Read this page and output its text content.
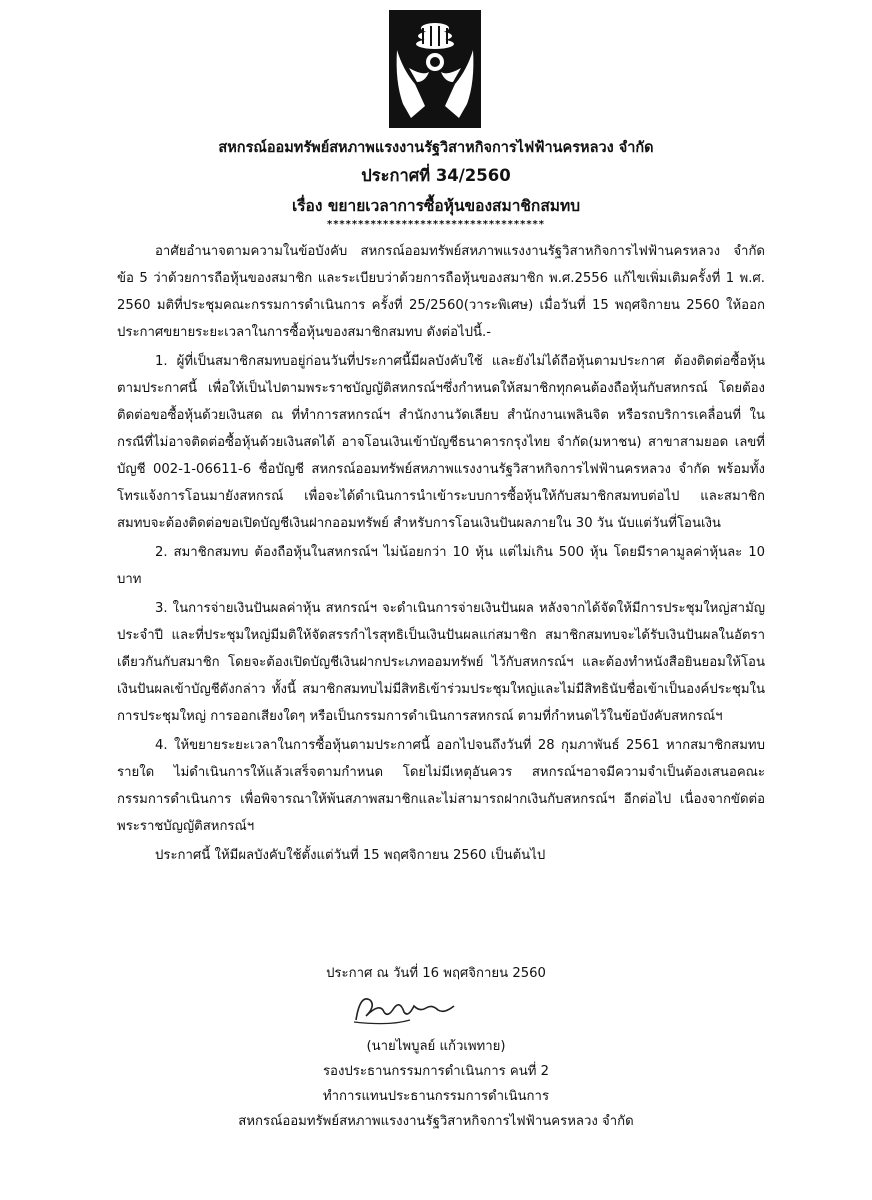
สหกรณ์ออมทรัพย์สหภาพแรงงานรัฐวิสาหกิจการไฟฟ้านครหลวง จำกัด
ประกาศที่ 34/2560
เรื่อง ขยายเวลาการซื้อหุ้นของสมาชิกสมทบ
***********************************

อาศัยอำนาจตามความในข้อบังคับ สหกรณ์ออมทรัพย์สหภาพแรงงานรัฐวิสาหกิจการไฟฟ้านครหลวง จำกัด ข้อ 5 ว่าด้วยการถือหุ้นของสมาชิก และระเบียบว่าด้วยการถือหุ้นของสมาชิก พ.ศ.2556 แก้ไขเพิ่มเติมครั้งที่ 1 พ.ศ. 2560 มติที่ประชุมคณะกรรมการดำเนินการ ครั้งที่ 25/2560(วาระพิเศษ) เมื่อวันที่ 15 พฤศจิกายน 2560 ให้ออกประกาศขยายระยะเวลาในการซื้อหุ้นของสมาชิกสมทบ ดังต่อไปนี้.-

1. ผู้ที่เป็นสมาชิกสมทบอยู่ก่อนวันที่ประกาศนี้มีผลบังคับใช้ และยังไม่ได้ถือหุ้นตามประกาศ ต้องติดต่อซื้อหุ้นตามประกาศนี้ เพื่อให้เป็นไปตามพระราชบัญญัติสหกรณ์ฯซึ่งกำหนดให้สมาชิกทุกคนต้องถือหุ้นกับสหกรณ์ โดยต้องติดต่อขอซื้อหุ้นด้วยเงินสด ณ ที่ทำการสหกรณ์ฯ สำนักงานวัดเลียบ สำนักงานเพลินจิต หรือรถบริการเคลื่อนที่ ในกรณีที่ไม่อาจติดต่อซื้อหุ้นด้วยเงินสดได้ อาจโอนเงินเข้าบัญชีธนาคารกรุงไทย จำกัด(มหาชน) สาขาสามยอด เลขที่บัญชี 002-1-06611-6 ชื่อบัญชี สหกรณ์ออมทรัพย์สหภาพแรงงานรัฐวิสาหกิจการไฟฟ้านครหลวง จำกัด พร้อมทั้งโทรแจ้งการโอนมายังสหกรณ์ เพื่อจะได้ดำเนินการนำเข้าระบบการซื้อหุ้นให้กับสมาชิกสมทบต่อไป และสมาชิกสมทบจะต้องติดต่อขอเปิดบัญชีเงินฝากออมทรัพย์ สำหรับการโอนเงินปันผลภายใน 30 วัน นับแต่วันที่โอนเงิน

2. สมาชิกสมทบ ต้องถือหุ้นในสหกรณ์ฯ ไม่น้อยกว่า 10 หุ้น แต่ไม่เกิน 500 หุ้น โดยมีราคามูลค่าหุ้นละ 10 บาท

3. ในการจ่ายเงินปันผลค่าหุ้น สหกรณ์ฯ จะดำเนินการจ่ายเงินปันผล หลังจากได้จัดให้มีการประชุมใหญ่สามัญประจำปี และที่ประชุมใหญ่มีมติให้จัดสรรกำไรสุทธิเป็นเงินปันผลแก่สมาชิก สมาชิกสมทบจะได้รับเงินปันผลในอัตราเดียวกันกับสมาชิก โดยจะต้องเปิดบัญชีเงินฝากประเภทออมทรัพย์ ไว้กับสหกรณ์ฯ และต้องทำหนังสือยินยอมให้โอนเงินปันผลเข้าบัญชีดังกล่าว ทั้งนี้ สมาชิกสมทบไม่มีสิทธิเข้าร่วมประชุมใหญ่และไม่มีสิทธินับชื่อเข้าเป็นองค์ประชุมในการประชุมใหญ่ การออกเสียงใดๆ หรือเป็นกรรมการดำเนินการสหกรณ์ ตามที่กำหนดไว้ในข้อบังคับสหกรณ์ฯ

4. ให้ขยายระยะเวลาในการซื้อหุ้นตามประกาศนี้ ออกไปจนถึงวันที่ 28 กุมภาพันธ์ 2561 หากสมาชิกสมทบรายใด ไม่ดำเนินการให้แล้วเสร็จตามกำหนด โดยไม่มีเหตุอันควร สหกรณ์ฯอาจมีความจำเป็นต้องเสนอคณะกรรมการดำเนินการ เพื่อพิจารณาให้พ้นสภาพสมาชิกและไม่สามารถฝากเงินกับสหกรณ์ฯ อีกต่อไป เนื่องจากขัดต่อพระราชบัญญัติสหกรณ์ฯ

ประกาศนี้ ให้มีผลบังคับใช้ตั้งแต่วันที่ 15 พฤศจิกายน 2560 เป็นต้นไป

ประกาศ ณ วันที่ 16 พฤศจิกายน 2560
(นายไพบูลย์ แก้วเพทาย)
รองประธานกรรมการดำเนินการ คนที่ 2
ทำการแทนประธานกรรมการดำเนินการ
สหกรณ์ออมทรัพย์สหภาพแรงงานรัฐวิสาหกิจการไฟฟ้านครหลวง จำกัด
